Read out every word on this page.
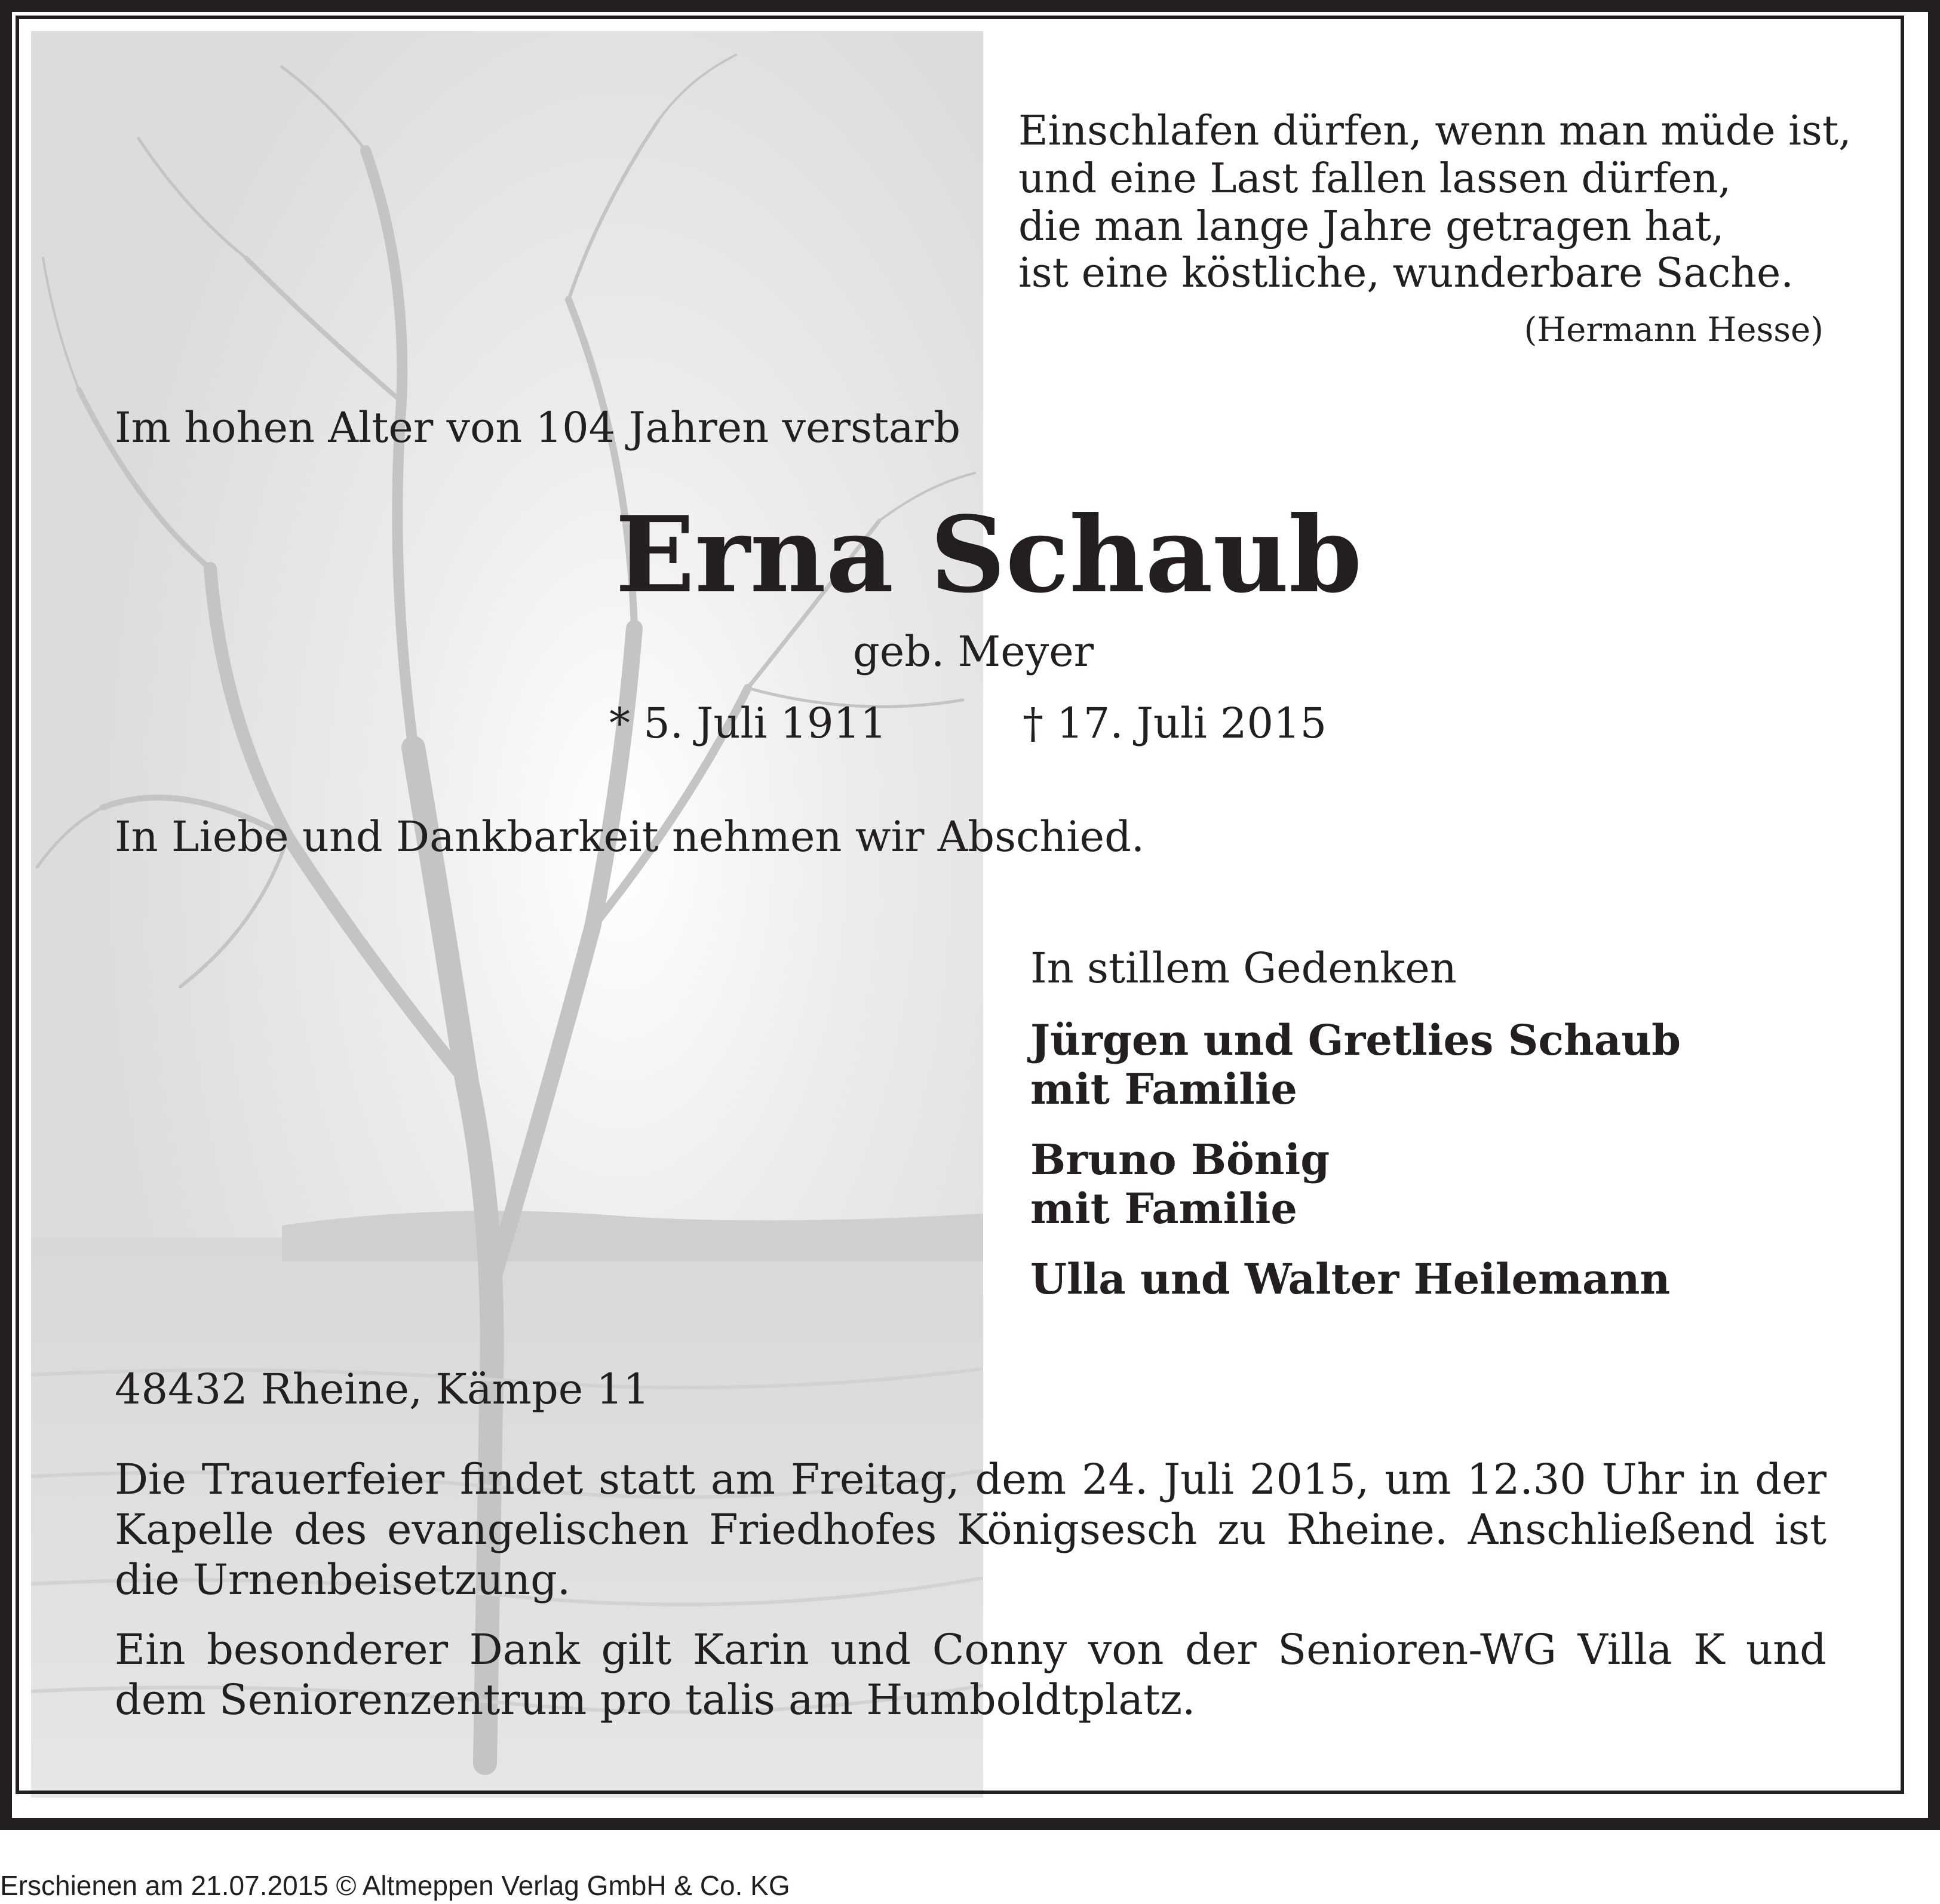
Einschlafen dürfen, wenn man müde ist,
und eine Last fallen lassen dürfen,
die man lange Jahre getragen hat,
ist eine köstliche, wunderbare Sache.
(Hermann Hesse)
Im hohen Alter von 104 Jahren verstarb
Erna Schaub
geb. Meyer
* 5. Juli 1911	† 17. Juli 2015
In Liebe und Dankbarkeit nehmen wir Abschied.
In stillem Gedenken
Jürgen und Gretlies Schaub
mit Familie
Bruno Bönig
mit Familie
Ulla und Walter Heilemann
48432 Rheine, Kämpe 11
Die Trauerfeier findet statt am Freitag, dem 24. Juli 2015, um 12.30 Uhr in der Kapelle des evangelischen Friedhofes Königsesch zu Rheine. Anschließend ist die Urnenbeisetzung.
Ein besonderer Dank gilt Karin und Conny von der Senioren-WG Villa K und dem Seniorenzentrum pro talis am Humboldtplatz.
Erschienen am 21.07.2015 © Altmeppen Verlag GmbH & Co. KG
